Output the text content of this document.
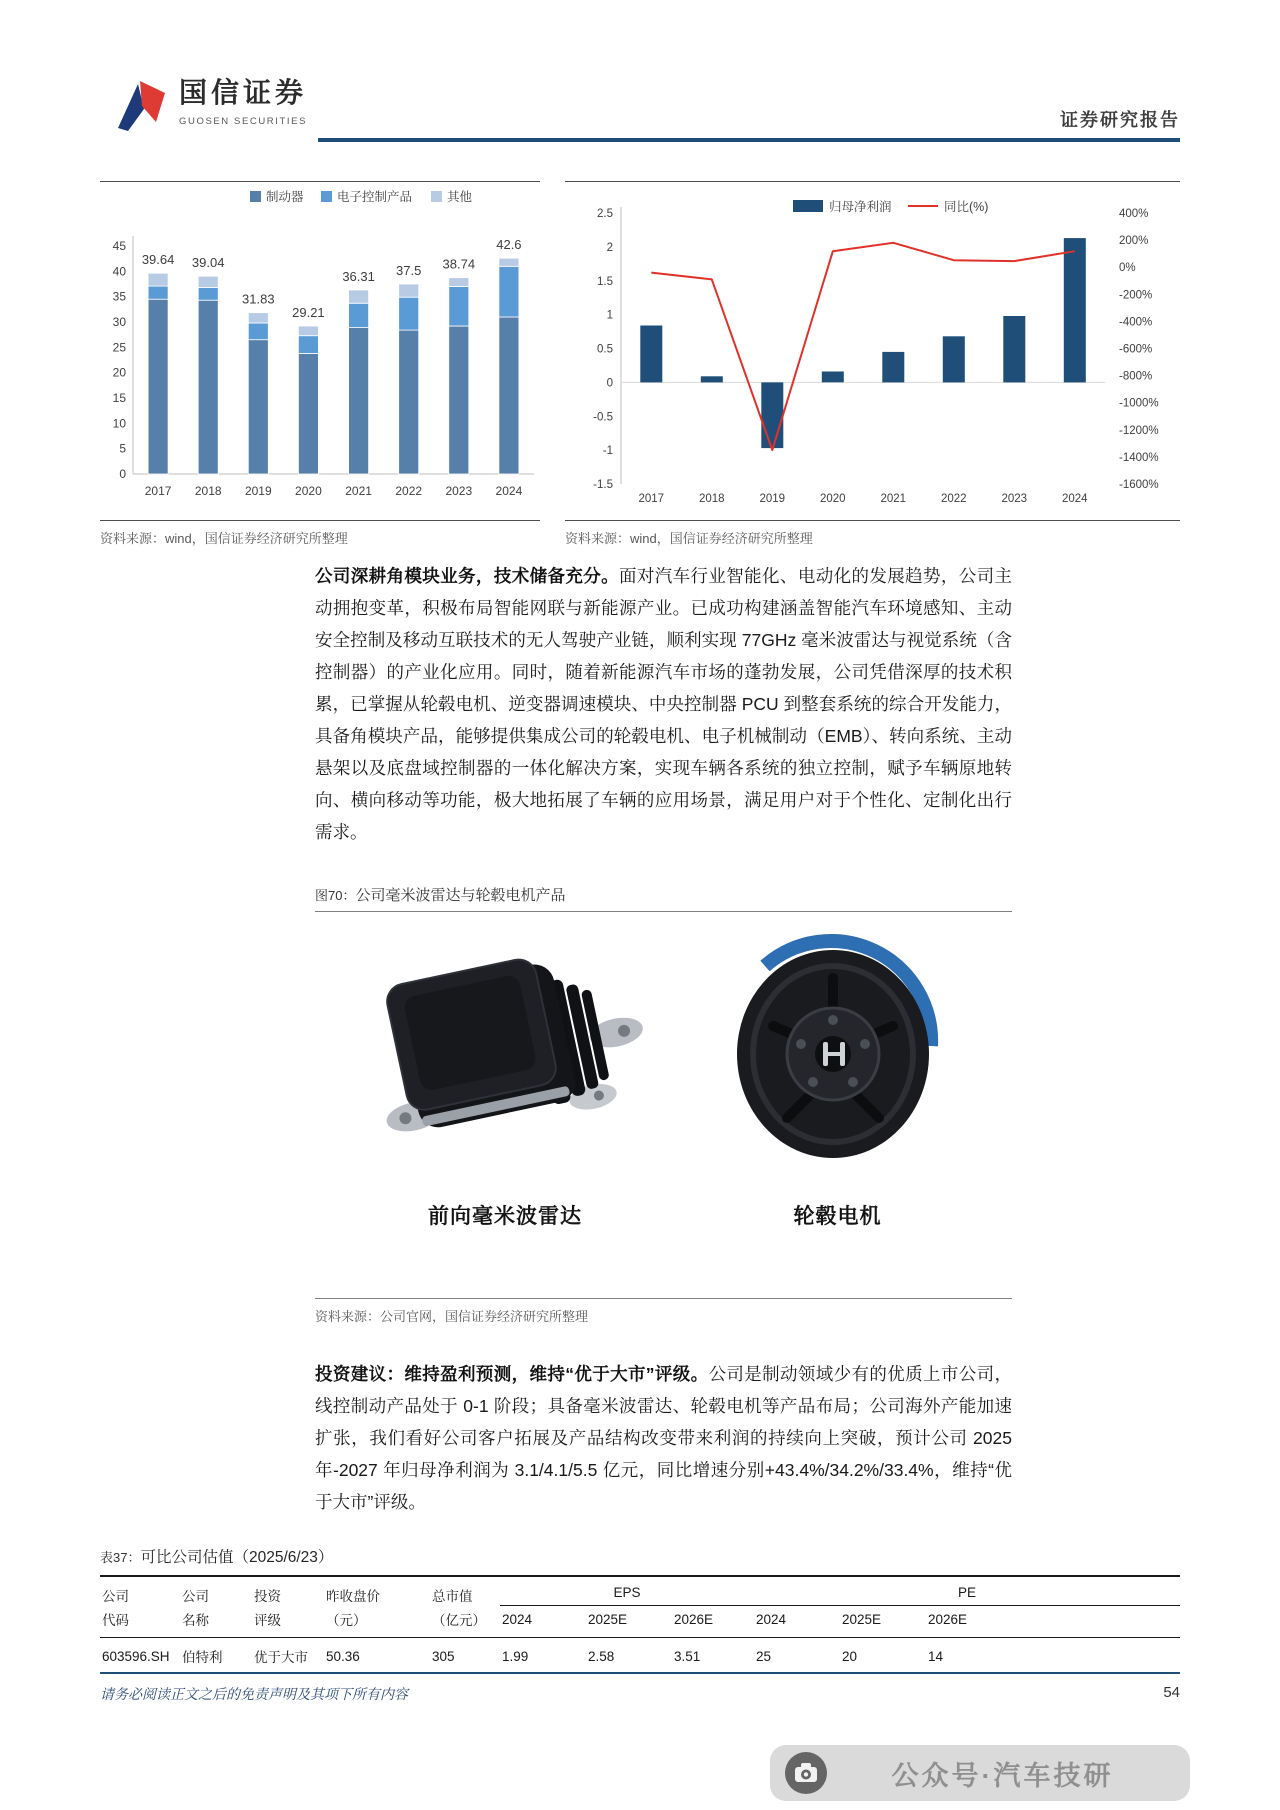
国信证券
GUOSEN SECURITIES	证券研究报告
0
5
10
15
20
25
30
35
40
45
2017
39.64
2018
39.04
2019
31.83
2020
29.21
2021
36.31
2022
37.5
2023
38.74
2024
42.6
制动器	电子控制产品	其他
资料来源：wind，国信证券经济研究所整理
2.5
2
1.5
1
0.5
0
-0.5
-1
-1.5
400%
200%
0%
-200%
-400%
-600%
-800%
-1000%
-1200%
-1400%
-1600%
2017	2018	2019	2020	2021	2022	2023	2024
归母净利润	同比(%)
资料来源：wind，国信证券经济研究所整理

公司深耕角模块业务，技术储备充分。面对汽车行业智能化、电动化的发展趋势，公司主动拥抱变革，积极布局智能网联与新能源产业。已成功构建涵盖智能汽车环境感知、主动安全控制及移动互联技术的无人驾驶产业链，顺利实现 77GHz 毫米波雷达与视觉系统（含控制器）的产业化应用。同时，随着新能源汽车市场的蓬勃发展，公司凭借深厚的技术积累，已掌握从轮毂电机、逆变器调速模块、中央控制器 PCU 到整套系统的综合开发能力，具备角模块产品，能够提供集成公司的轮毂电机、电子机械制动（EMB）、转向系统、主动悬架以及底盘域控制器的一体化解决方案，实现车辆各系统的独立控制，赋予车辆原地转向、横向移动等功能，极大地拓展了车辆的应用场景，满足用户对于个性化、定制化出行需求。

图70：公司毫米波雷达与轮毂电机产品
前向毫米波雷达	轮毂电机
资料来源：公司官网，国信证券经济研究所整理

投资建议：维持盈利预测，维持“优于大市”评级。公司是制动领域少有的优质上市公司，线控制动产品处于 0-1 阶段；具备毫米波雷达、轮毂电机等产品布局；公司海外产能加速扩张，我们看好公司客户拓展及产品结构改变带来利润的持续向上突破，预计公司 2025 年-2027 年归母净利润为 3.1/4.1/5.5 亿元，同比增速分别+43.4%/34.2%/33.4%，维持“优于大市”评级。

表37：可比公司估值（2025/6/23）
公司	公司	投资	昨收盘价	总市值	EPS			PE		
代码	名称	评级	（元）	（亿元）	2024	2025E	2026E	2024	2025E	2026E
603596.SH	伯特利	优于大市	50.36	305	1.99	2.58	3.51	25	20	14
请务必阅读正文之后的免责声明及其项下所有内容	54
公众号·汽车技研
